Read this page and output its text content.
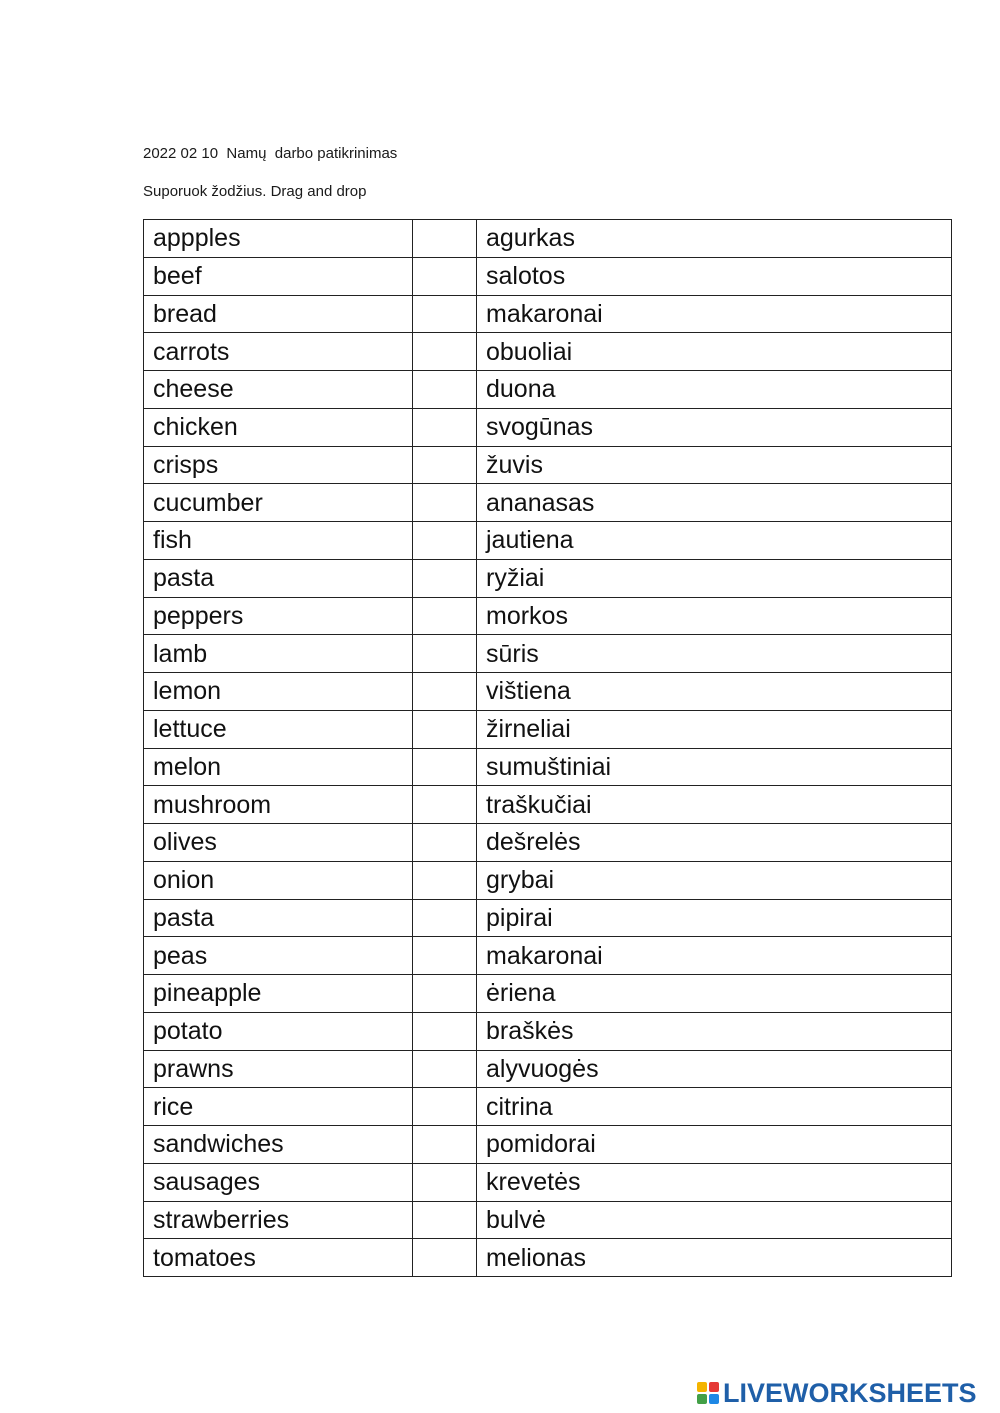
2022 02 10  Namų  darbo patikrinimas
Suporuok žodžius. Drag and drop
appples		agurkas
beef		salotos
bread		makaronai
carrots		obuoliai
cheese		duona
chicken		svogūnas
crisps		žuvis
cucumber		ananasas
fish		jautiena
pasta		ryžiai
peppers		morkos
lamb		sūris
lemon		vištiena
lettuce		žirneliai
melon		sumuštiniai
mushroom		traškučiai
olives		dešrelės
onion		grybai
pasta		pipirai
peas		makaronai
pineapple		ėriena
potato		braškės
prawns		alyvuogės
rice		citrina
sandwiches		pomidorai
sausages		krevetės
strawberries		bulvė
tomatoes		melionas
LIVEWORKSHEETS
